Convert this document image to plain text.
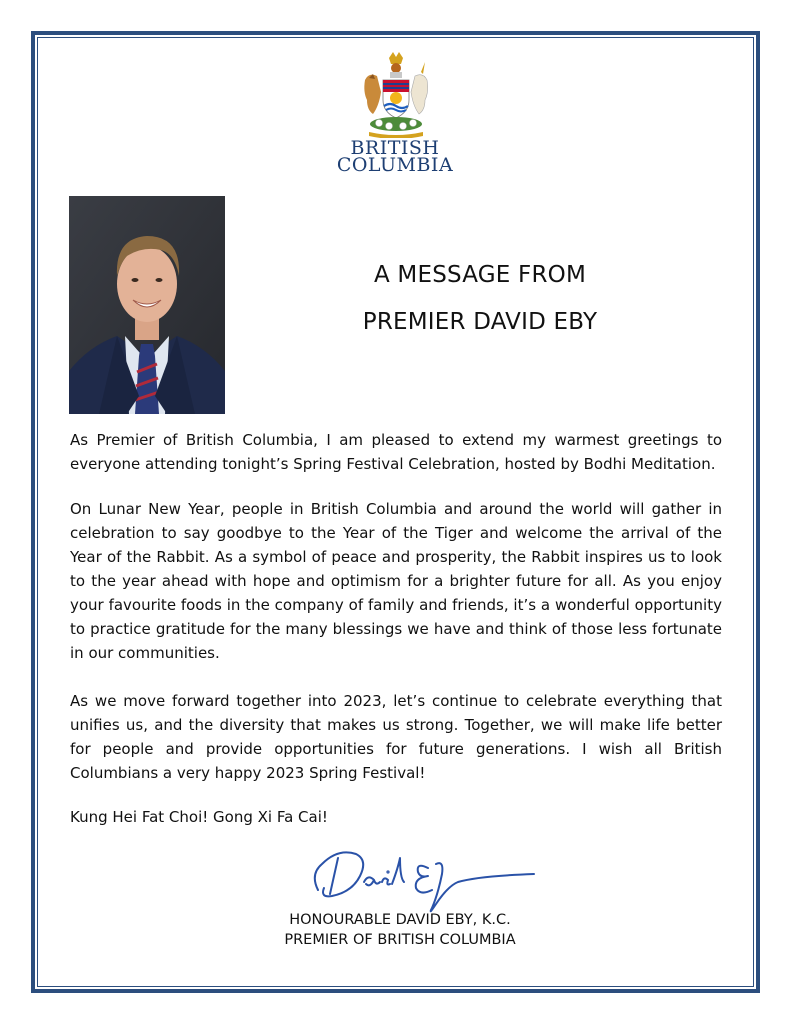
BRITISH
COLUMBIA
A MESSAGE FROM
PREMIER DAVID EBY

As Premier of British Columbia, I am pleased to extend my warmest greetings to everyone attending tonight’s Spring Festival Celebration, hosted by Bodhi Meditation.

On Lunar New Year, people in British Columbia and around the world will gather in celebration to say goodbye to the Year of the Tiger and welcome the arrival of the Year of the Rabbit. As a symbol of peace and prosperity, the Rabbit inspires us to look to the year ahead with hope and optimism for a brighter future for all. As you enjoy your favourite foods in the company of family and friends, it’s a wonderful opportunity to practice gratitude for the many blessings we have and think of those less fortunate in our communities.

As we move forward together into 2023, let’s continue to celebrate everything that unifies us, and the diversity that makes us strong. Together, we will make life better for people and provide opportunities for future generations. I wish all British Columbians a very happy 2023 Spring Festival!

Kung Hei Fat Choi! Gong Xi Fa Cai!

HONOURABLE DAVID EBY, K.C.
PREMIER OF BRITISH COLUMBIA
